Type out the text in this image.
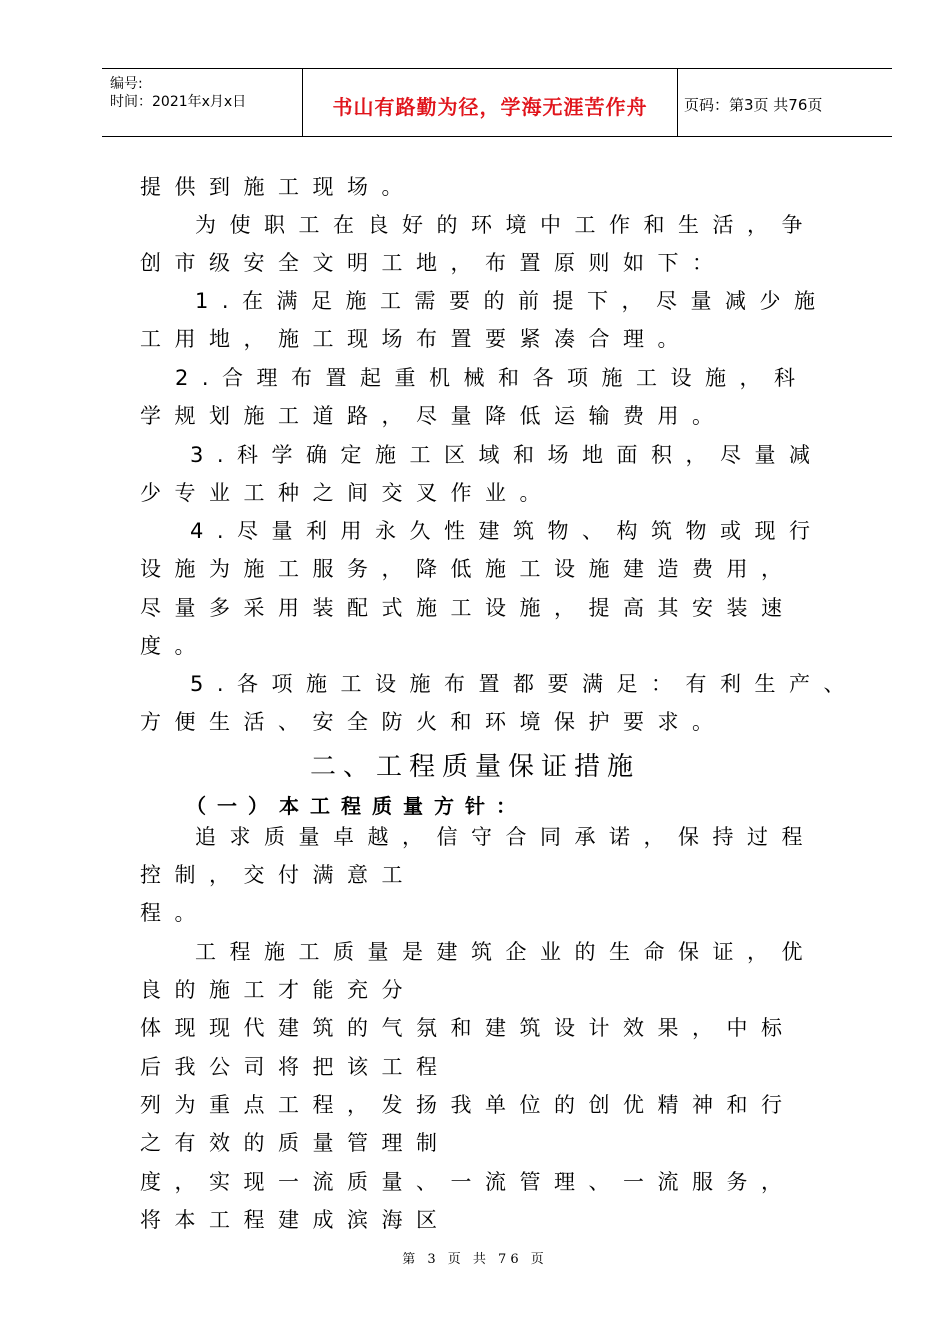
编号:
时间：2021年x月x日	书山有路勤为径，学海无涯苦作舟	页码：第3页 共76页
提供到施工现场。
为使职工在良好的环境中工作和生活，争
创市级安全文明工地，布置原则如下：
1.在满足施工需要的前提下，尽量减少施
工用地，施工现场布置要紧凑合理。
2.合理布置起重机械和各项施工设施，科
学规划施工道路，尽量降低运输费用。
3.科学确定施工区域和场地面积，尽量减
少专业工种之间交叉作业。
4.尽量利用永久性建筑物、构筑物或现行
设施为施工服务，降低施工设施建造费用，
尽量多采用装配式施工设施，提高其安装速
度。
5.各项施工设施布置都要满足：有利生产、
方便生活、安全防火和环境保护要求。
二、工程质量保证措施
（一）本工程质量方针：
追求质量卓越，信守合同承诺，保持过程
控制，交付满意工
程。
工程施工质量是建筑企业的生命保证，优
良的施工才能充分
体现现代建筑的气氛和建筑设计效果，中标
后我公司将把该工程
列为重点工程，发扬我单位的创优精神和行
之有效的质量管理制
度，实现一流质量、一流管理、一流服务，
将本工程建成滨海区
第 3 页 共 76 页
